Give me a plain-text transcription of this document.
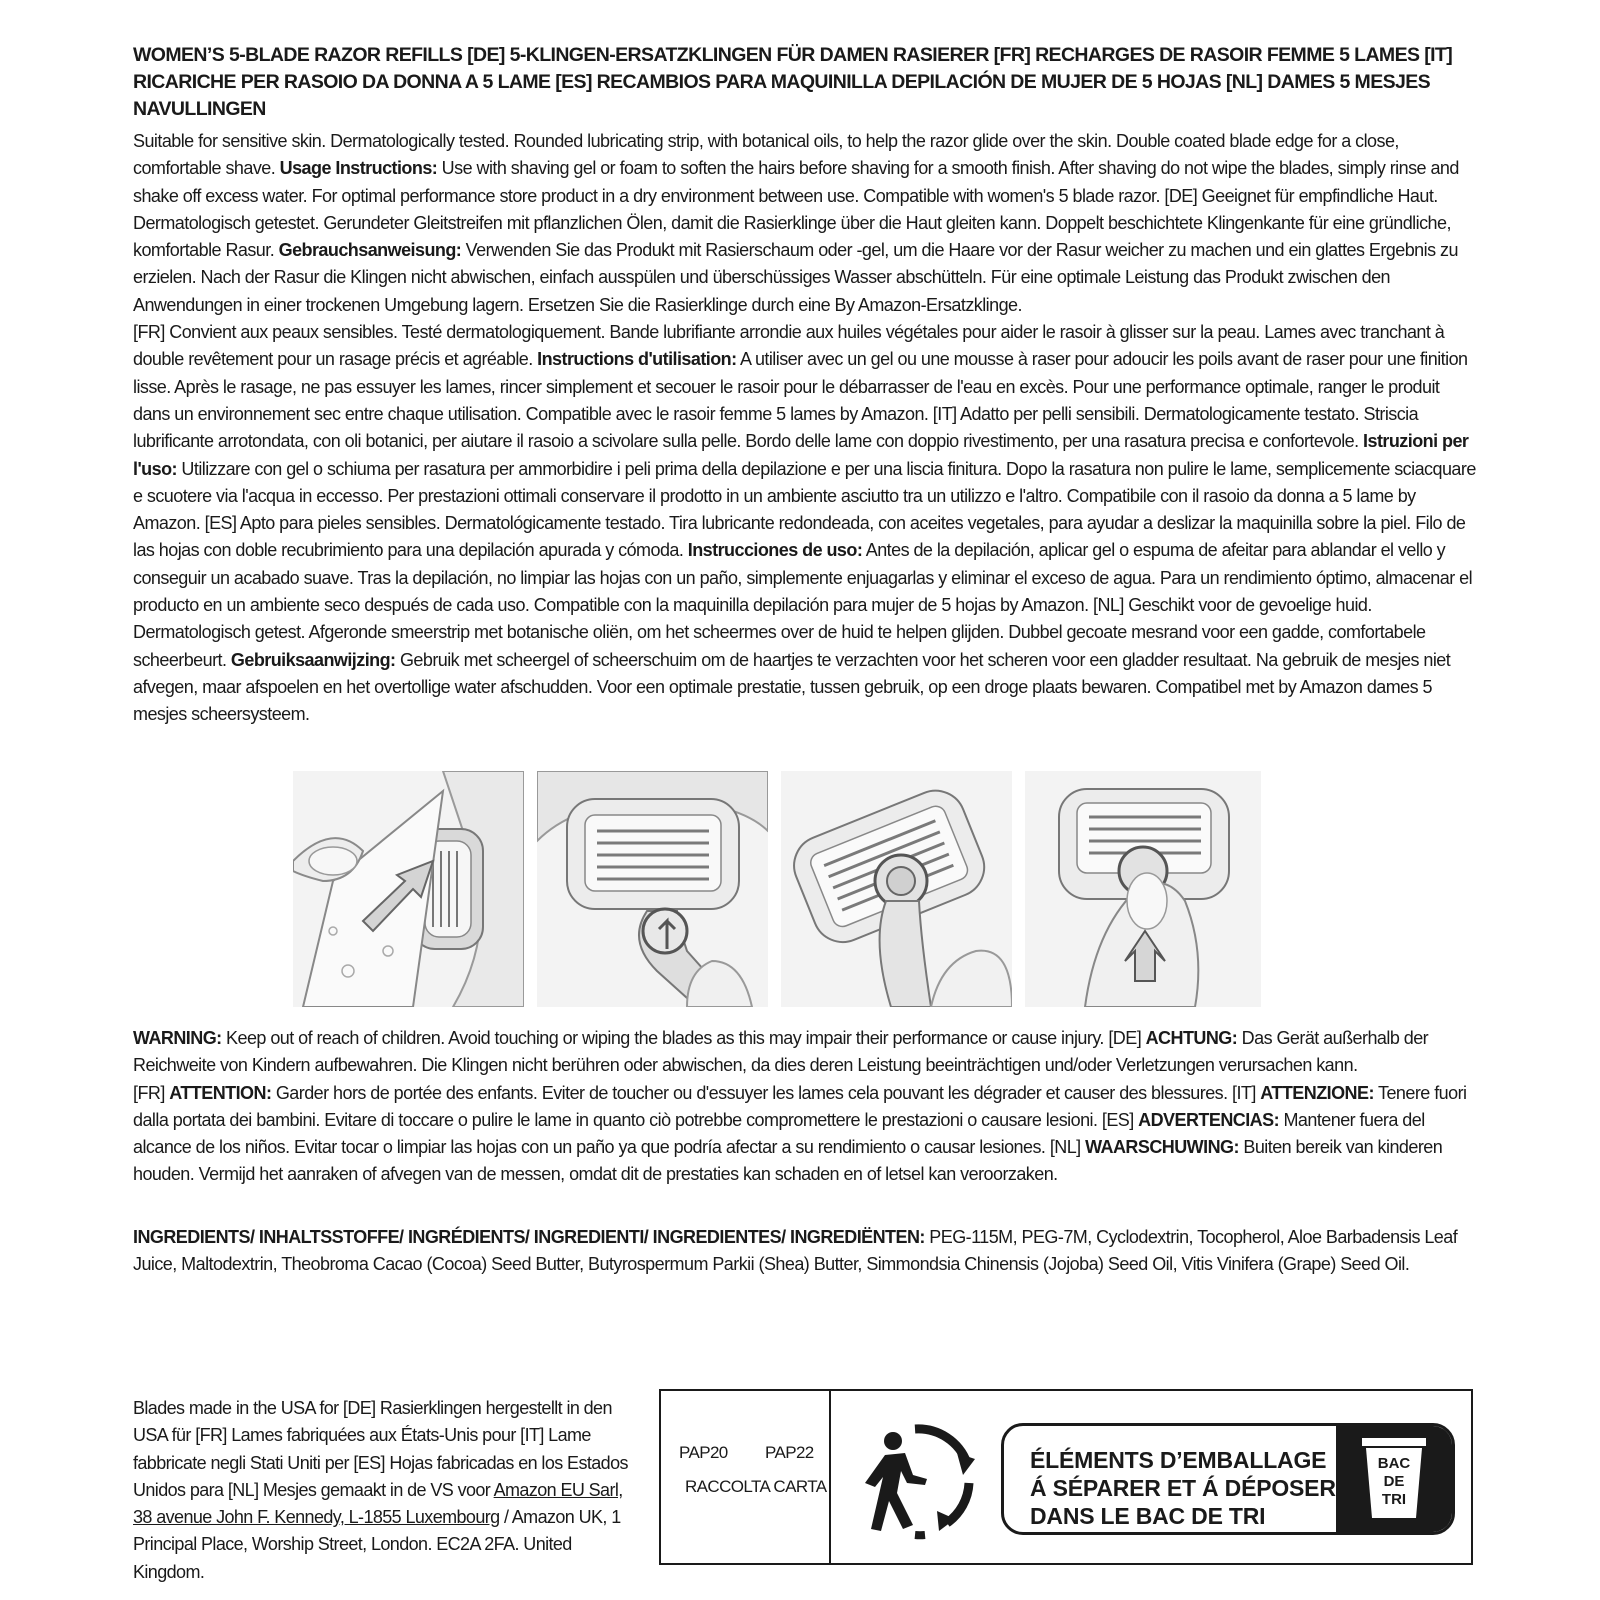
WOMEN’S 5-BLADE RAZOR REFILLS [DE] 5-KLINGEN-ERSATZKLINGEN FÜR DAMEN RASIERER [FR] RECHARGES DE RASOIR FEMME 5 LAMES [IT] RICARICHE PER RASOIO DA DONNA A 5 LAME [ES] RECAMBIOS PARA MAQUINILLA DEPILACIÓN DE MUJER DE 5 HOJAS [NL] DAMES 5 MESJES NAVULLINGEN
Suitable for sensitive skin. Dermatologically tested. Rounded lubricating strip, with botanical oils, to help the razor glide over the skin. Double coated blade edge for a close, comfortable shave. Usage Instructions: Use with shaving gel or foam to soften the hairs before shaving for a smooth finish. After shaving do not wipe the blades, simply rinse and shake off excess water. For optimal performance store product in a dry environment between use. Compatible with women's 5 blade razor. [DE] Geeignet für empfindliche Haut. Dermatologisch getestet. Gerundeter Gleitstreifen mit pflanzlichen Ölen, damit die Rasierklinge über die Haut gleiten kann. Doppelt beschichtete Klingenkante für eine gründliche, komfortable Rasur. Gebrauchsanweisung: Verwenden Sie das Produkt mit Rasierschaum oder -gel, um die Haare vor der Rasur weicher zu machen und ein glattes Ergebnis zu erzielen. Nach der Rasur die Klingen nicht abwischen, einfach ausspülen und überschüssiges Wasser abschütteln. Für eine optimale Leistung das Produkt zwischen den Anwendungen in einer trockenen Umgebung lagern. Ersetzen Sie die Rasierklinge durch eine By Amazon-Ersatzklinge.
[FR] Convient aux peaux sensibles. Testé dermatologiquement. Bande lubrifiante arrondie aux huiles végétales pour aider le rasoir à glisser sur la peau. Lames avec tranchant à double revêtement pour un rasage précis et agréable. Instructions d'utilisation: A utiliser avec un gel ou une mousse à raser pour adoucir les poils avant de raser pour une finition lisse. Après le rasage, ne pas essuyer les lames, rincer simplement et secouer le rasoir pour le débarrasser de l'eau en excès. Pour une performance optimale, ranger le produit dans un environnement sec entre chaque utilisation. Compatible avec le rasoir femme 5 lames by Amazon. [IT] Adatto per pelli sensibili. Dermatologicamente testato. Striscia lubrificante arrotondata, con oli botanici, per aiutare il rasoio a scivolare sulla pelle. Bordo delle lame con doppio rivestimento, per una rasatura precisa e confortevole. Istruzioni per l'uso: Utilizzare con gel o schiuma per rasatura per ammorbidire i peli prima della depilazione e per una liscia finitura. Dopo la rasatura non pulire le lame, semplicemente sciacquare e scuotere via l'acqua in eccesso. Per prestazioni ottimali conservare il prodotto in un ambiente asciutto tra un utilizzo e l'altro. Compatibile con il rasoio da donna a 5 lame by Amazon. [ES] Apto para pieles sensibles. Dermatológicamente testado. Tira lubricante redondeada, con aceites vegetales, para ayudar a deslizar la maquinilla sobre la piel. Filo de las hojas con doble recubrimiento para una depilación apurada y cómoda. Instrucciones de uso: Antes de la depilación, aplicar gel o espuma de afeitar para ablandar el vello y conseguir un acabado suave. Tras la depilación, no limpiar las hojas con un paño, simplemente enjuagarlas y eliminar el exceso de agua. Para un rendimiento óptimo, almacenar el producto en un ambiente seco después de cada uso. Compatible con la maquinilla depilación para mujer de 5 hojas by Amazon. [NL] Geschikt voor de gevoelige huid. Dermatologisch getest. Afgeronde smeerstrip met botanische oliën, om het scheermes over de huid te helpen glijden. Dubbel gecoate mesrand voor een gadde, comfortabele scheerbeurt. Gebruiksaanwijzing: Gebruik met scheergel of scheerschuim om de haartjes te verzachten voor het scheren voor een gladder resultaat. Na gebruik de mesjes niet afvegen, maar afspoelen en het overtollige water afschudden. Voor een optimale prestatie, tussen gebruik, op een droge plaats bewaren. Compatibel met by Amazon dames 5 mesjes scheersysteem.
WARNING: Keep out of reach of children. Avoid touching or wiping the blades as this may impair their performance or cause injury. [DE] ACHTUNG: Das Gerät außerhalb der Reichweite von Kindern aufbewahren. Die Klingen nicht berühren oder abwischen, da dies deren Leistung beeinträchtigen und/oder Verletzungen verursachen kann.
[FR] ATTENTION: Garder hors de portée des enfants. Eviter de toucher ou d'essuyer les lames cela pouvant les dégrader et causer des blessures. [IT] ATTENZIONE: Tenere fuori dalla portata dei bambini. Evitare di toccare o pulire le lame in quanto ciò potrebbe compromettere le prestazioni o causare lesioni. [ES] ADVERTENCIAS: Mantener fuera del alcance de los niños. Evitar tocar o limpiar las hojas con un paño ya que podría afectar a su rendimiento o causar lesiones. [NL] WAARSCHUWING: Buiten bereik van kinderen houden. Vermijd het aanraken of afvegen van de messen, omdat dit de prestaties kan schaden en of letsel kan veroorzaken.
INGREDIENTS/ INHALTSSTOFFE/ INGRÉDIENTS/ INGREDIENTI/ INGREDIENTES/ INGREDIËNTEN: PEG-115M, PEG-7M, Cyclodextrin, Tocopherol, Aloe Barbadensis Leaf Juice, Maltodextrin, Theobroma Cacao (Cocoa) Seed Butter, Butyrospermum Parkii (Shea) Butter, Simmondsia Chinensis (Jojoba) Seed Oil, Vitis Vinifera (Grape) Seed Oil.
Blades made in the USA for [DE] Rasierklingen hergestellt in den USA für [FR] Lames fabriquées aux États-Unis pour [IT] Lame fabbricate negli Stati Uniti per [ES] Hojas fabricadas en los Estados Unidos para [NL] Mesjes gemaakt in de VS voor Amazon EU Sarl, 38 avenue John F. Kennedy, L-1855 Luxembourg / Amazon UK, 1 Principal Place, Worship Street, London. EC2A 2FA. United Kingdom.
PAP20 PAP22
RACCOLTA CARTA
ÉLÉMENTS D’EMBALLAGE
Á SÉPARER ET Á DÉPOSER
DANS LE BAC DE TRI
BAC
DE
TRI
